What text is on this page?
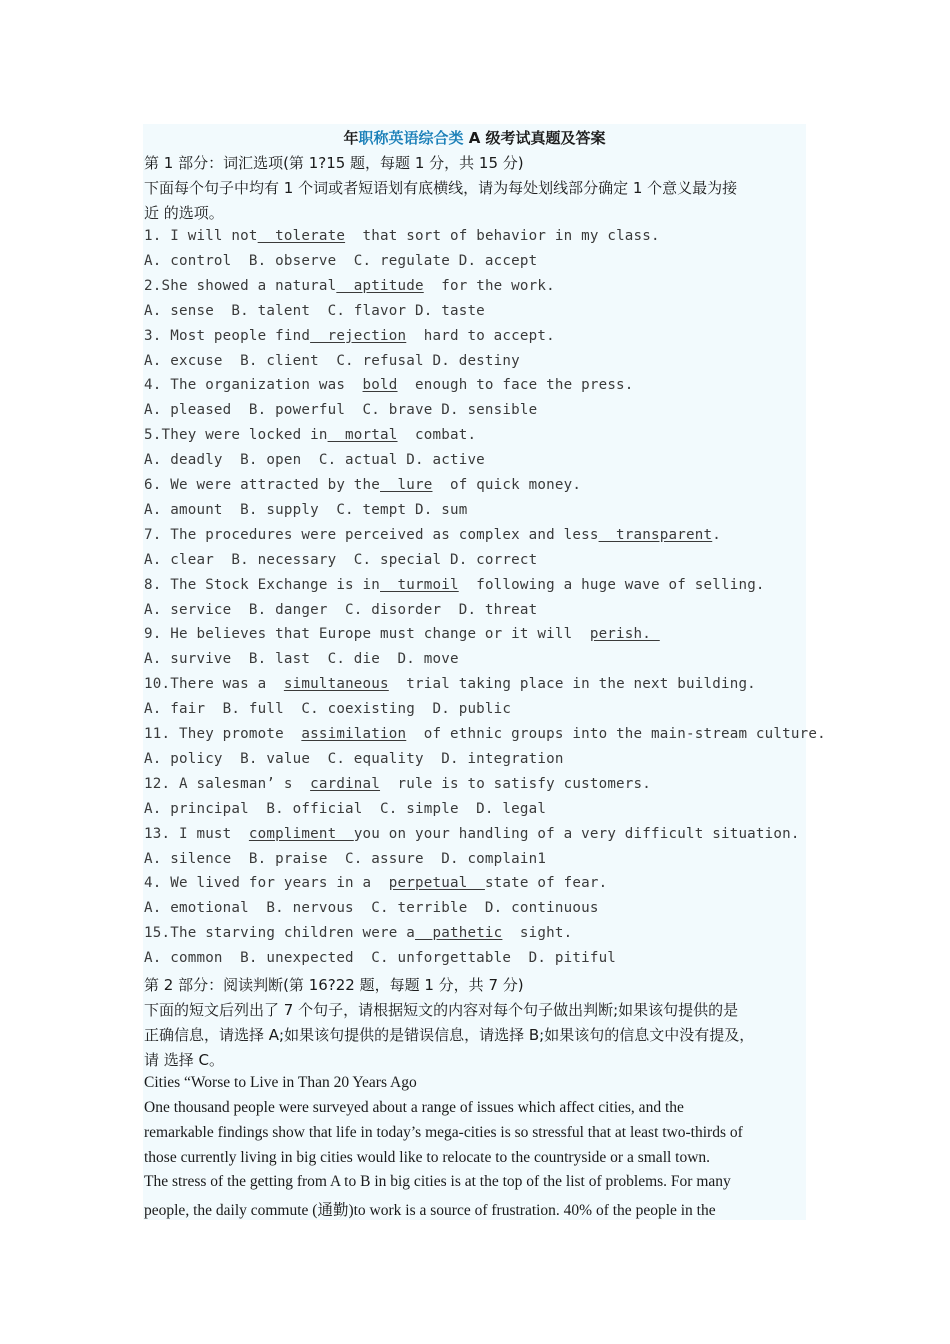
年职称英语综合类 A 级考试真题及答案
第 1 部分：词汇选项(第 1?15 题，每题 1 分，共 15 分)
下面每个句子中均有 1 个词或者短语划有底横线，请为每处划线部分确定 1 个意义最为接
近 的选项。
1. I will not  tolerate  that sort of behavior in my class.
A. control  B. observe  C. regulate D. accept
2.She showed a natural  aptitude  for the work.
A. sense  B. talent  C. flavor D. taste
3. Most people find  rejection  hard to accept.
A. excuse  B. client  C. refusal D. destiny
4. The organization was  bold  enough to face the press.
A. pleased  B. powerful  C. brave D. sensible
5.They were locked in  mortal  combat.
A. deadly  B. open  C. actual D. active
6. We were attracted by the  lure  of quick money.
A. amount  B. supply  C. tempt D. sum
7. The procedures were perceived as complex and less  transparent.
A. clear  B. necessary  C. special D. correct
8. The Stock Exchange is in  turmoil  following a huge wave of selling.
A. service  B. danger  C. disorder  D. threat
9. He believes that Europe must change or it will  perish.
A. survive  B. last  C. die  D. move
10.There was a  simultaneous  trial taking place in the next building.
A. fair  B. full  C. coexisting  D. public
11. They promote  assimilation  of ethnic groups into the main-stream culture.
A. policy  B. value  C. equality  D. integration
12. A salesman’ s  cardinal  rule is to satisfy customers.
A. principal  B. official  C. simple  D. legal
13. I must  compliment  you on your handling of a very difficult situation.
A. silence  B. praise  C. assure  D. complain1
4. We lived for years in a  perpetual  state of fear.
A. emotional  B. nervous  C. terrible  D. continuous
15.The starving children were a  pathetic  sight.
A. common  B. unexpected  C. unforgettable  D. pitiful
第 2 部分：阅读判断(第 16?22 题，每题 1 分，共 7 分)
下面的短文后列出了 7 个句子，请根据短文的内容对每个句子做出判断;如果该句提供的是
正确信息，请选择 A;如果该句提供的是错误信息，请选择 B;如果该句的信息文中没有提及，
请 选择 C。
Cities “Worse to Live in Than 20 Years Ago
One thousand people were surveyed about a range of issues which affect cities, and the
remarkable findings show that life in today’s mega-cities is so stressful that at least two-thirds of
those currently living in big cities would like to relocate to the countryside or a small town.
The stress of the getting from A to B in big cities is at the top of the list of problems. For many
people, the daily commute (通勤)to work is a source of frustration. 40% of the people in the
